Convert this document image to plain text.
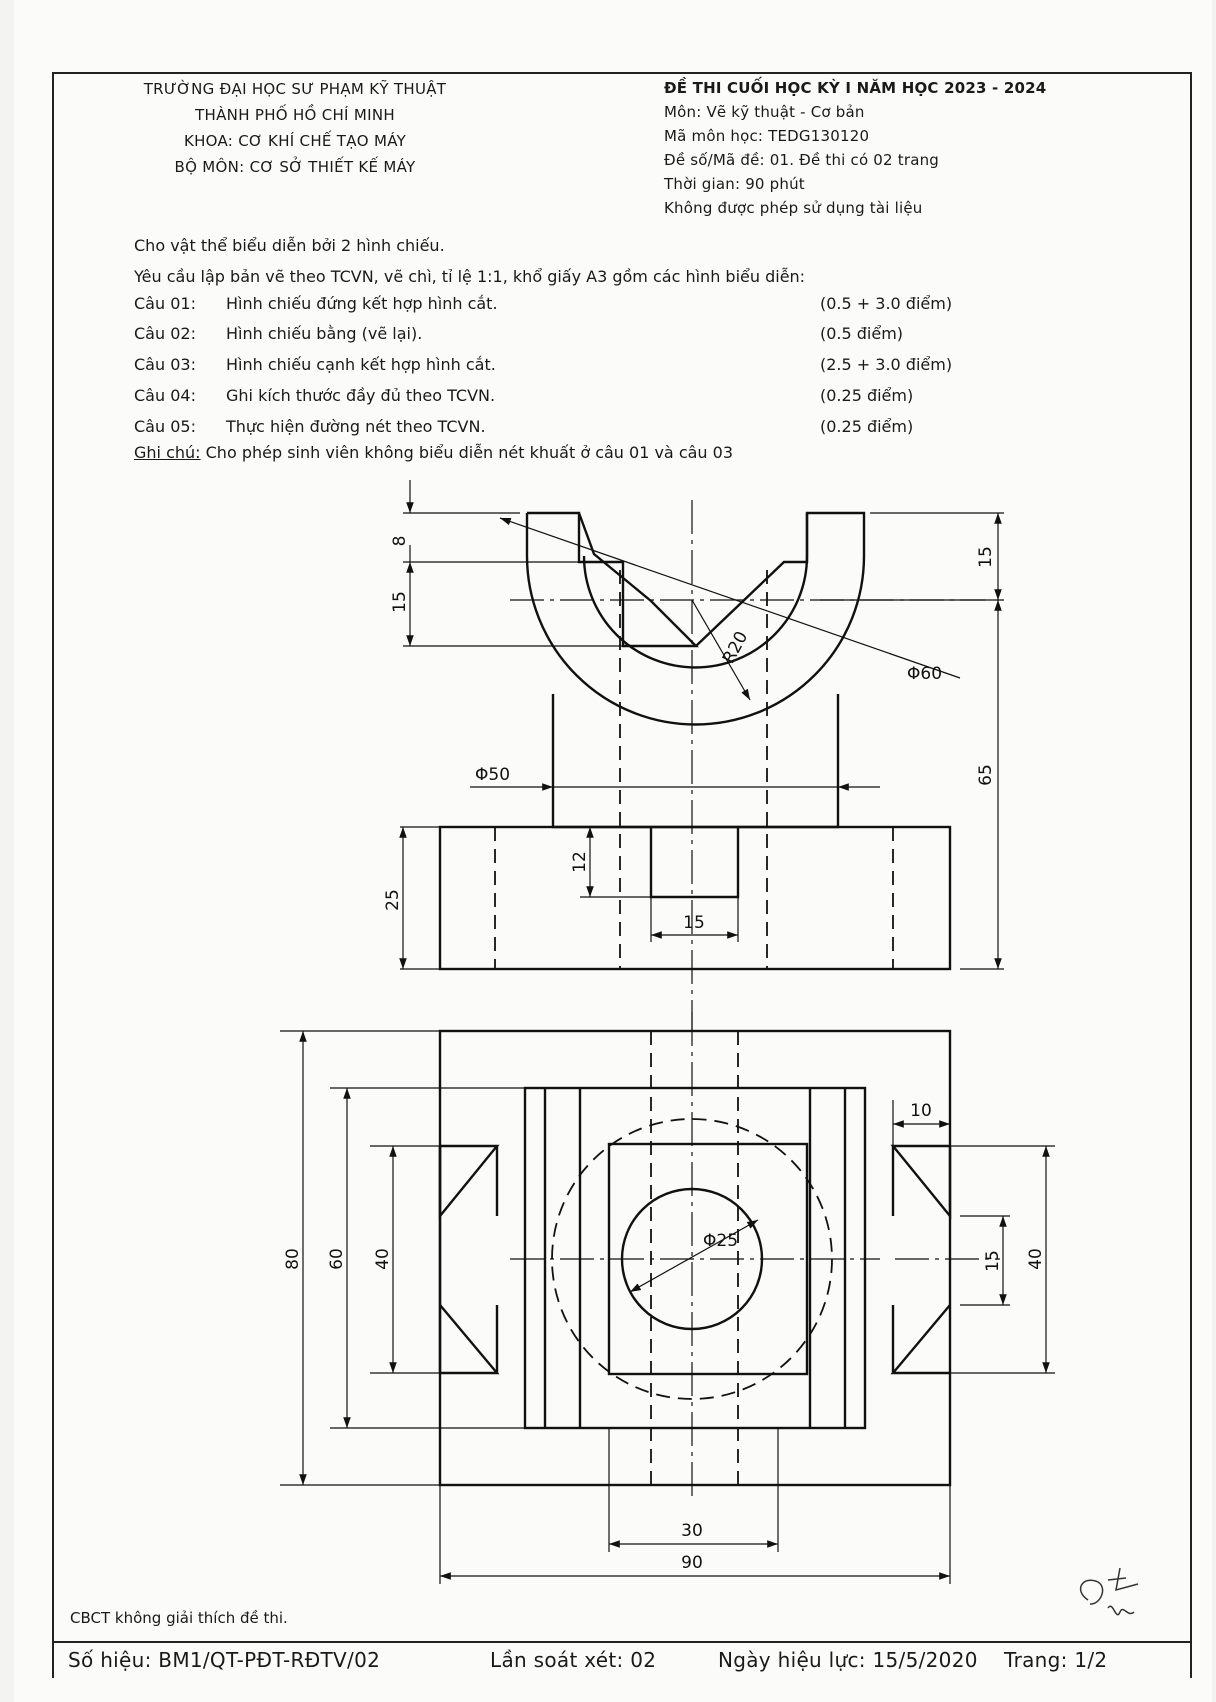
TRƯỜNG ĐẠI HỌC SƯ PHẠM KỸ THUẬT
THÀNH PHỐ HỒ CHÍ MINH
KHOA: CƠ KHÍ CHẾ TẠO MÁY
BỘ MÔN: CƠ SỞ THIẾT KẾ MÁY
ĐỀ THI CUỐI HỌC KỲ I NĂM HỌC 2023 - 2024
Môn: Vẽ kỹ thuật - Cơ bản
Mã môn học: TEDG130120
Đề số/Mã đề: 01. Đề thi có 02 trang
Thời gian: 90 phút
Không được phép sử dụng tài liệu
Cho vật thể biểu diễn bởi 2 hình chiếu.
Yêu cầu lập bản vẽ theo TCVN, vẽ chì, tỉ lệ 1:1, khổ giấy A3 gồm các hình biểu diễn:
Câu 01: Hình chiếu đứng kết hợp hình cắt.	(0.5 + 3.0 điểm)
Câu 02: Hình chiếu bằng (vẽ lại).	(0.5 điểm)
Câu 03: Hình chiếu cạnh kết hợp hình cắt.	(2.5 + 3.0 điểm)
Câu 04: Ghi kích thước đầy đủ theo TCVN.	(0.25 điểm)
Câu 05: Thực hiện đường nét theo TCVN.	(0.25 điểm)
Ghi chú: Cho phép sinh viên không biểu diễn nét khuất ở câu 01 và câu 03
8
15
R20
Φ60
15
Φ50	65
12
25
15
10
80 60 40
Φ25
15 40
30
90
CBCT không giải thích đề thi.
Số hiệu: BM1/QT-PĐT-RĐTV/02	Lần soát xét: 02	Ngày hiệu lực: 15/5/2020 Trang: 1/2
